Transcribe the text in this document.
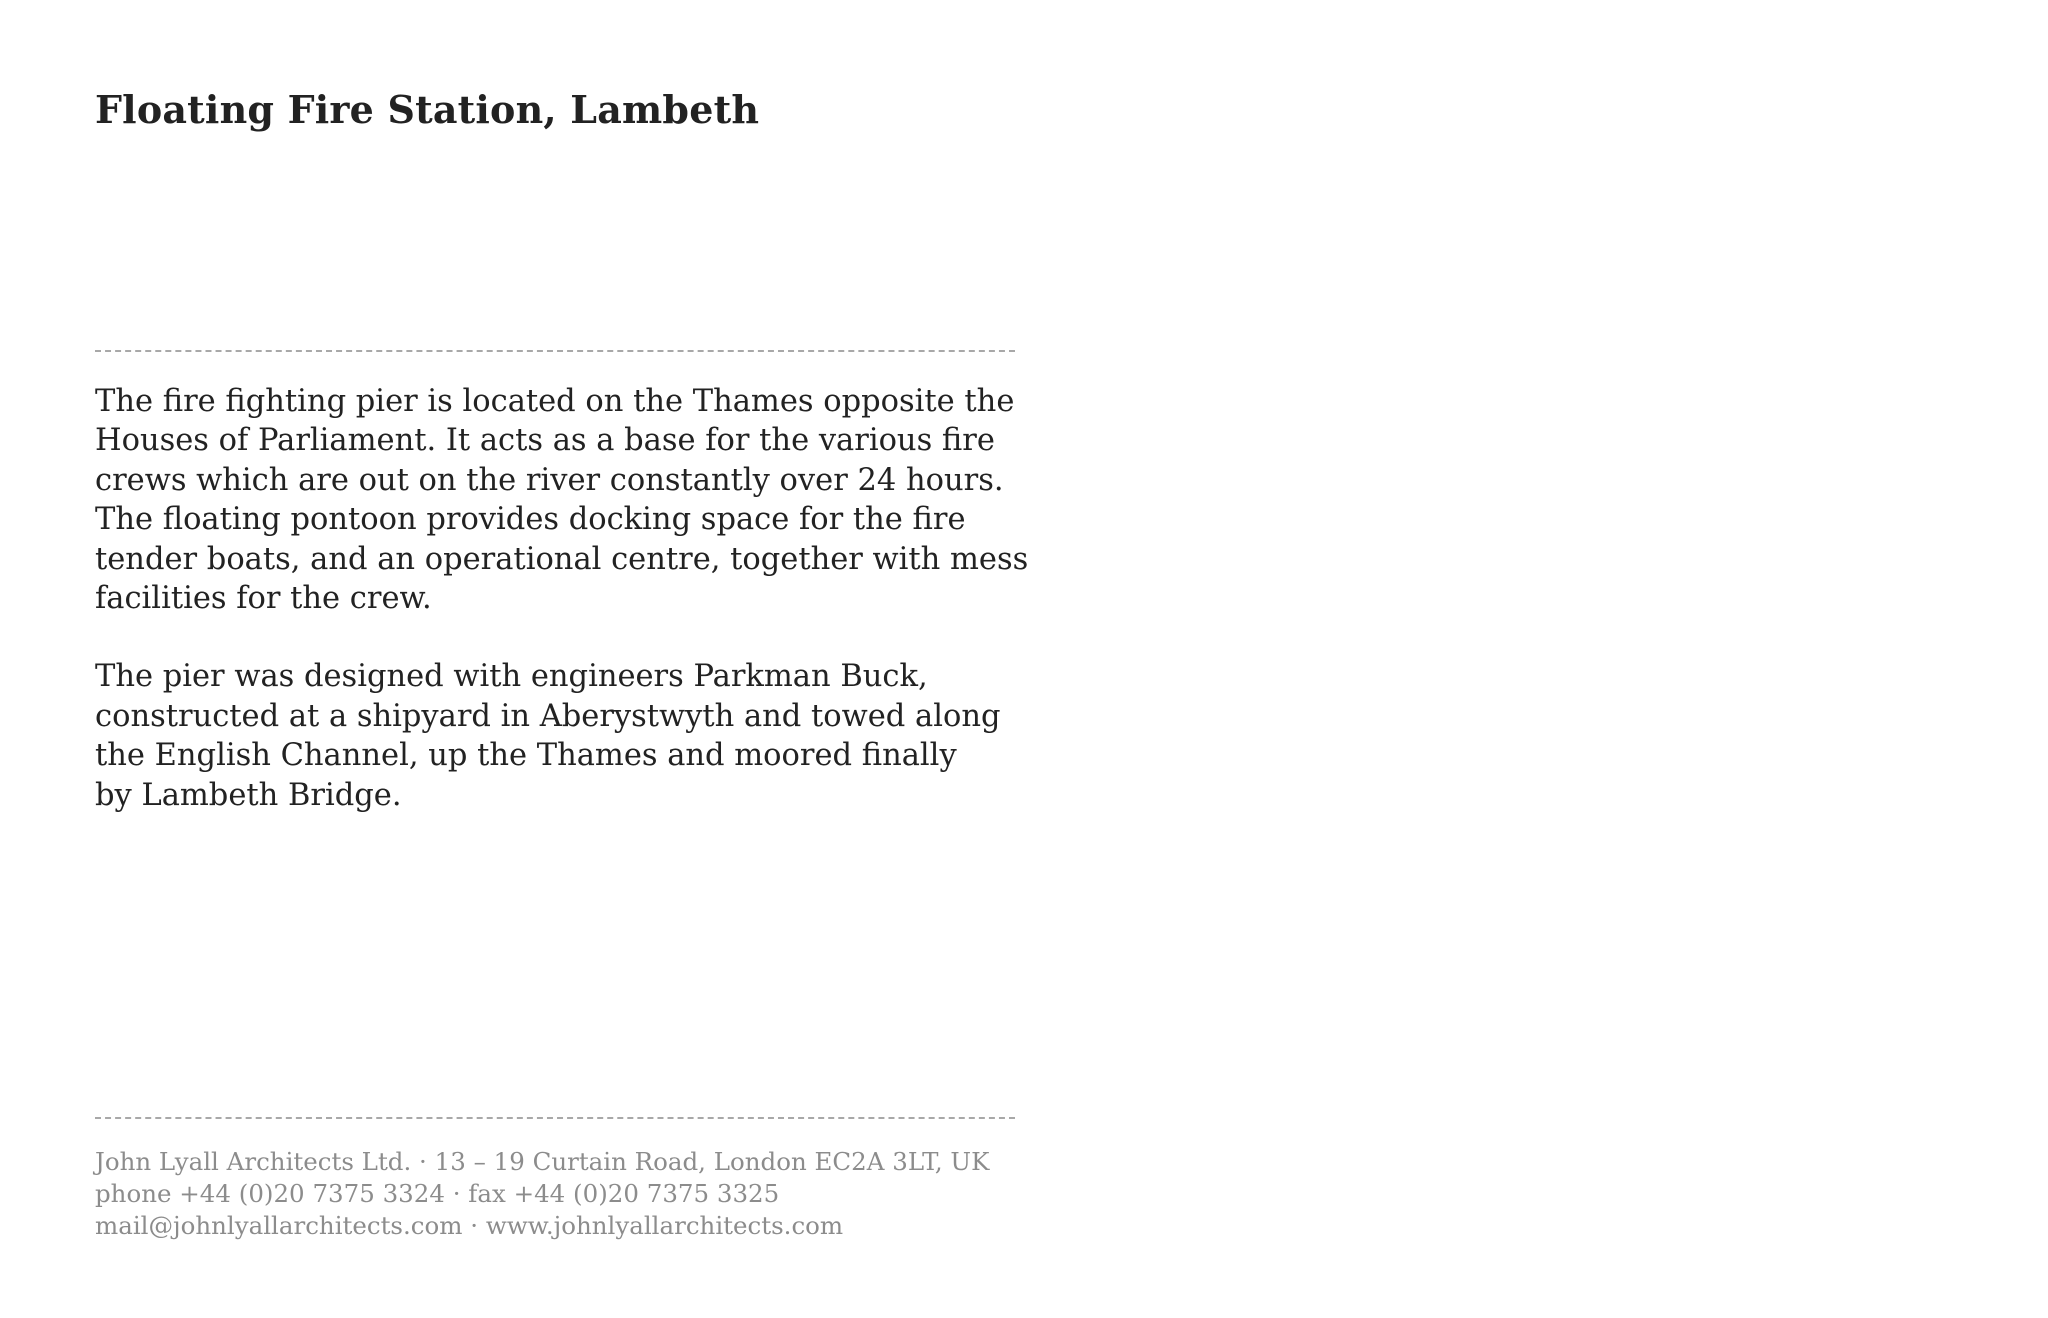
Floating Fire Station, Lambeth

The fire fighting pier is located on the Thames opposite the
Houses of Parliament. It acts as a base for the various fire
crews which are out on the river constantly over 24 hours.
The floating pontoon provides docking space for the fire
tender boats, and an operational centre, together with mess
facilities for the crew.

The pier was designed with engineers Parkman Buck,
constructed at a shipyard in Aberystwyth and towed along
the English Channel, up the Thames and moored finally
by Lambeth Bridge.

John Lyall Architects Ltd. · 13 – 19 Curtain Road, London EC2A 3LT, UK
phone +44 (0)20 7375 3324 · fax +44 (0)20 7375 3325
mail@johnlyallarchitects.com · www.johnlyallarchitects.com
